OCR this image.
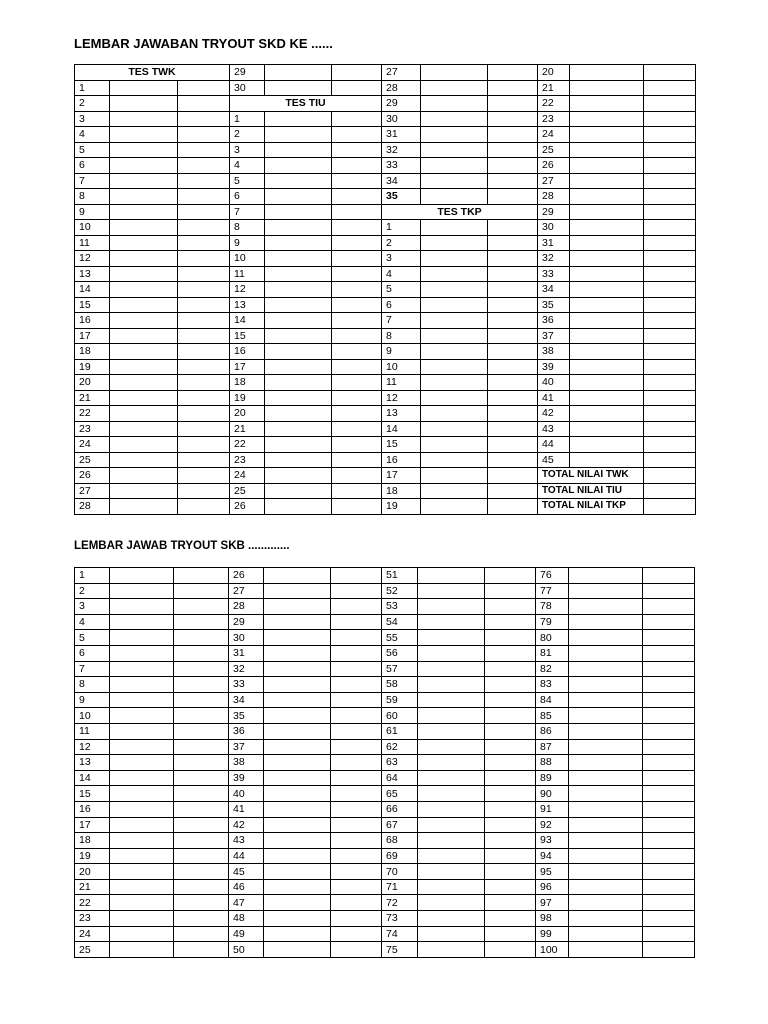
LEMBAR JAWABAN TRYOUT SKD KE ......
TES TWK			29			27			20		
1			30			28			21		
2			TES TIU			29			22		
3			1			30			23		
4			2			31			24		
5			3			32			25		
6			4			33			26		
7			5			34			27		
8			6			35			28		
9			7			TES TKP			29		
10			8			1			30		
11			9			2			31		
12			10			3			32		
13			11			4			33		
14			12			5			34		
15			13			6			35		
16			14			7			36		
17			15			8			37		
18			16			9			38		
19			17			10			39		
20			18			11			40		
21			19			12			41		
22			20			13			42		
23			21			14			43		
24			22			15			44		
25			23			16			45		
26			24			17			TOTAL NILAI TWK		
27			25			18			TOTAL NILAI TIU		
28			26			19			TOTAL NILAI TKP		
LEMBAR JAWAB TRYOUT SKB .............
1			26			51			76		
2			27			52			77		
3			28			53			78		
4			29			54			79		
5			30			55			80		
6			31			56			81		
7			32			57			82		
8			33			58			83		
9			34			59			84		
10			35			60			85		
11			36			61			86		
12			37			62			87		
13			38			63			88		
14			39			64			89		
15			40			65			90		
16			41			66			91		
17			42			67			92		
18			43			68			93		
19			44			69			94		
20			45			70			95		
21			46			71			96		
22			47			72			97		
23			48			73			98		
24			49			74			99		
25			50			75			100		
